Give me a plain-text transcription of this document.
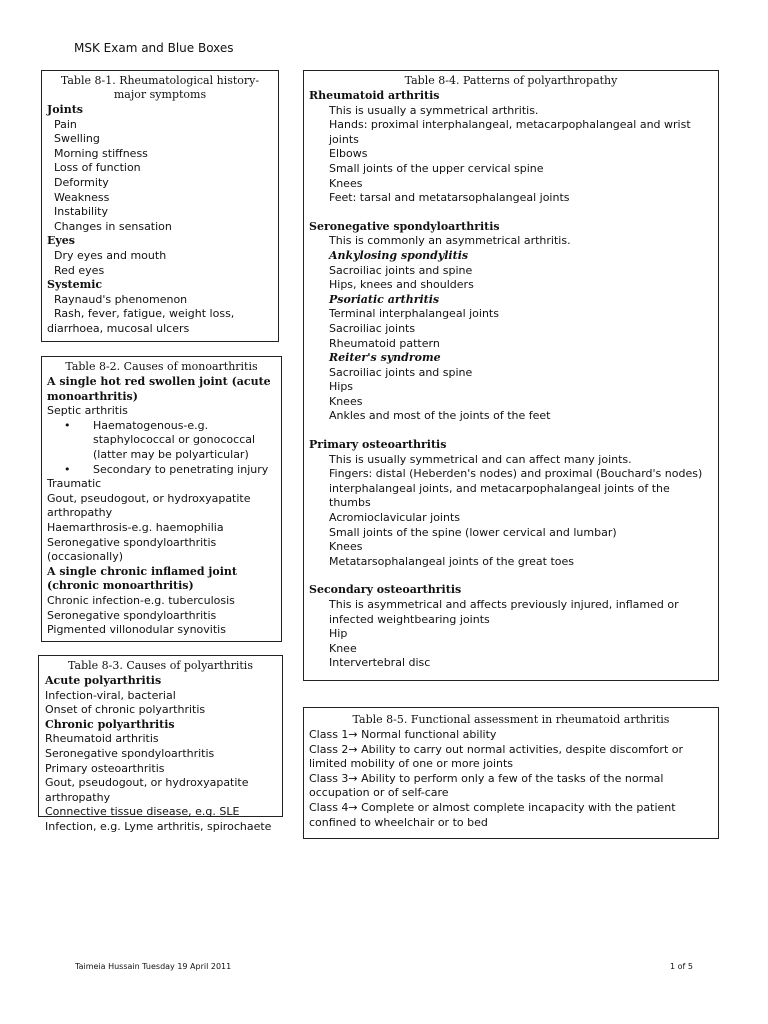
MSK Exam and Blue Boxes
Table 8-1. Rheumatological history-
major symptoms
Joints
Pain
Swelling
Morning stiffness
Loss of function
Deformity
Weakness
Instability
Changes in sensation
Eyes
Dry eyes and mouth
Red eyes
Systemic
Raynaud's phenomenon
Rash, fever, fatigue, weight loss,
diarrhoea, mucosal ulcers
Table 8-2. Causes of monoarthritis
A single hot red swollen joint (acute monoarthritis)
Septic arthritis
• Haematogenous-e.g.
staphylococcal or gonococcal
(latter may be polyarticular)
• Secondary to penetrating injury
Traumatic
Gout, pseudogout, or hydroxyapatite
arthropathy
Haemarthrosis-e.g. haemophilia
Seronegative spondyloarthritis
(occasionally)
A single chronic inflamed joint (chronic monoarthritis)
Chronic infection-e.g. tuberculosis
Seronegative spondyloarthritis
Pigmented villonodular synovitis
Table 8-3. Causes of polyarthritis
Acute polyarthritis
Infection-viral, bacterial
Onset of chronic polyarthritis
Chronic polyarthritis
Rheumatoid arthritis
Seronegative spondyloarthritis
Primary osteoarthritis
Gout, pseudogout, or hydroxyapatite
arthropathy
Connective tissue disease, e.g. SLE
Infection, e.g. Lyme arthritis, spirochaete
Table 8-4. Patterns of polyarthropathy
Rheumatoid arthritis
This is usually a symmetrical arthritis.
Hands: proximal interphalangeal, metacarpophalangeal and wrist
joints
Elbows
Small joints of the upper cervical spine
Knees
Feet: tarsal and metatarsophalangeal joints
Seronegative spondyloarthritis
This is commonly an asymmetrical arthritis.
Ankylosing spondylitis
Sacroiliac joints and spine
Hips, knees and shoulders
Psoriatic arthritis
Terminal interphalangeal joints
Sacroiliac joints
Rheumatoid pattern
Reiter's syndrome
Sacroiliac joints and spine
Hips
Knees
Ankles and most of the joints of the feet
Primary osteoarthritis
This is usually symmetrical and can affect many joints.
Fingers: distal (Heberden's nodes) and proximal (Bouchard's nodes)
interphalangeal joints, and metacarpophalangeal joints of the
thumbs
Acromioclavicular joints
Small joints of the spine (lower cervical and lumbar)
Knees
Metatarsophalangeal joints of the great toes
Secondary osteoarthritis
This is asymmetrical and affects previously injured, inflamed or
infected weightbearing joints
Hip
Knee
Intervertebral disc
Table 8-5. Functional assessment in rheumatoid arthritis
Class 1→ Normal functional ability
Class 2→ Ability to carry out normal activities, despite discomfort or
limited mobility of one or more joints
Class 3→ Ability to perform only a few of the tasks of the normal
occupation or of self-care
Class 4→ Complete or almost complete incapacity with the patient
confined to wheelchair or to bed
Taimeia Hussain Tuesday 19 April 2011	1 of 5
